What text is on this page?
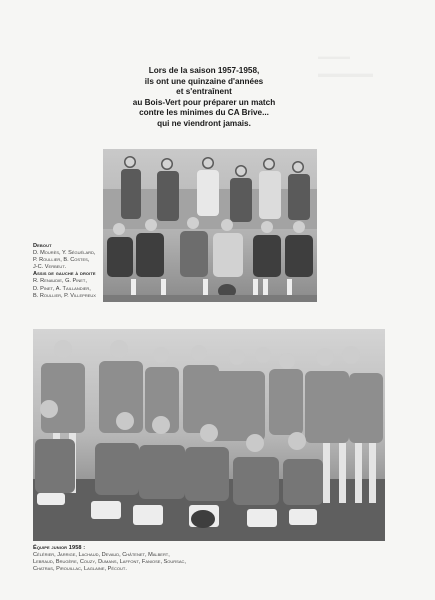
▬▬▬▬
▬▬▬▬▬
Lors de la saison 1957-1958,
ils ont une quinzaine d'années
et s'entraînent
au Bois-Vert pour préparer un match
contre les minimes du CA Brive...
qui ne viendront jamais.
Debout
D. Mourès, Y. Séguélard,
P. Roullier, B. Costes,
J-C. Verbeut.
Assis de gauche à droite
R. Renaudie, G. Pinet,
D. Pinet, A. Taillandier,
B. Roullier, P. Villepreux
Équipe junior 1958 :
Célérier, Jarrige, Lachaud, Devaud, Châtenet, Malbert,
Lebraud, Brugère, Couzy, Dumans, Laffont, Faniose, Soursac,
Chatras, Pirouillac, Laglaine, Pécout.
